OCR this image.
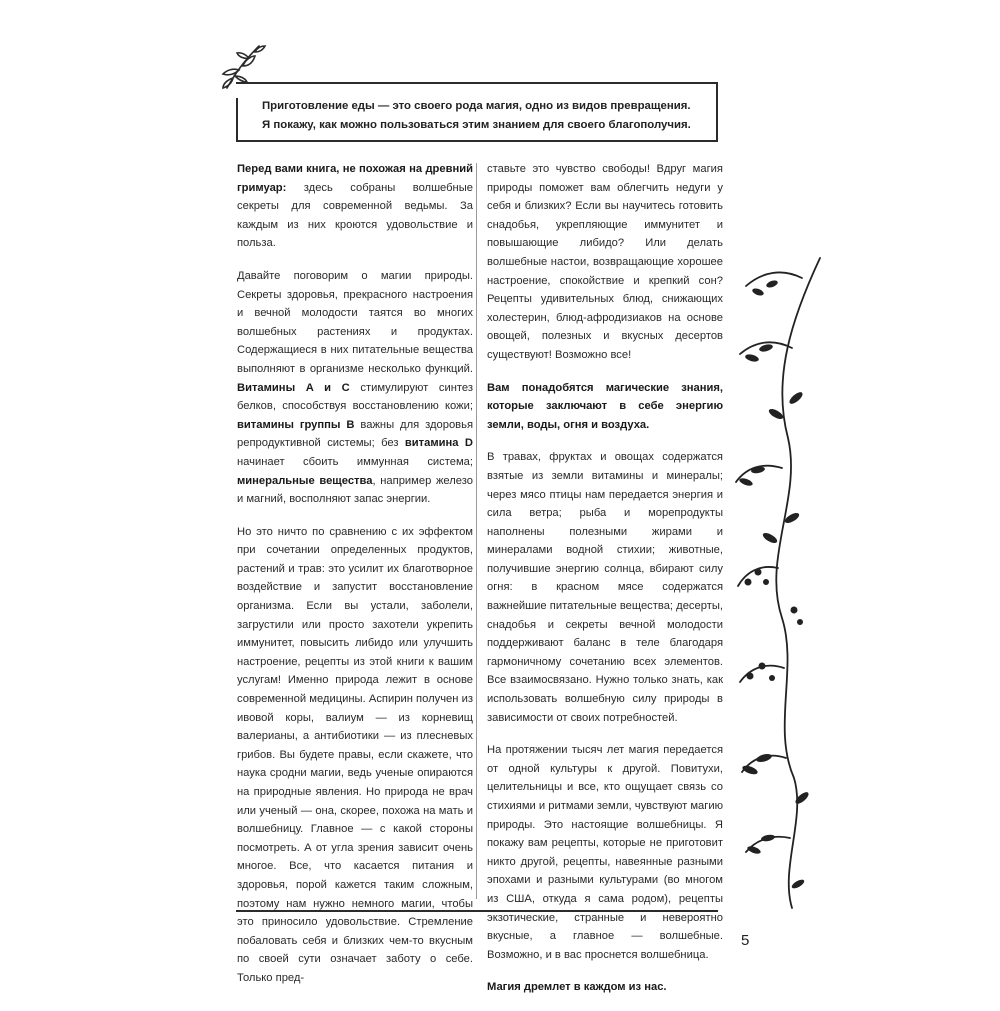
Приготовление еды — это своего рода магия, одно из видов превращения.
Я покажу, как можно пользоваться этим знанием для своего благополучия.

Перед вами книга, не похожая на древний гримуар: здесь собраны волшебные секреты для современной ведьмы. За каждым из них кроются удовольствие и польза.

Давайте поговорим о магии природы. Секреты здоровья, прекрасного настроения и вечной молодости таятся во многих волшебных растениях и продуктах. Содержащиеся в них питательные вещества выполняют в организме несколько функций. Витамины A и C стимулируют синтез белков, способствуя восстановлению кожи; витамины группы B важны для здоровья репродуктивной системы; без витамина D начинает сбоить иммунная система; минеральные вещества, например железо и магний, восполняют запас энергии.

Но это ничто по сравнению с их эффектом при сочетании определенных продуктов, растений и трав: это усилит их благотворное воздействие и запустит восстановление организма. Если вы устали, заболели, загрустили или просто захотели укрепить иммунитет, повысить либидо или улучшить настроение, рецепты из этой книги к вашим услугам! Именно природа лежит в основе современной медицины. Аспирин получен из ивовой коры, валиум — из корневищ валерианы, а антибиотики — из плесневых грибов. Вы будете правы, если скажете, что наука сродни магии, ведь ученые опираются на природные явления. Но природа не врач или ученый — она, скорее, похожа на мать и волшебницу. Главное — с какой стороны посмотреть. А от угла зрения зависит очень многое. Все, что касается питания и здоровья, порой кажется таким сложным, поэтому нам нужно немного магии, чтобы это приносило удовольствие. Стремление побаловать себя и близких чем-то вкусным по своей сути означает заботу о себе. Только пред-

ставьте это чувство свободы! Вдруг магия природы поможет вам облегчить недуги у себя и близких? Если вы научитесь готовить снадобья, укрепляющие иммунитет и повышающие либидо? Или делать волшебные настои, возвращающие хорошее настроение, спокойствие и крепкий сон? Рецепты удивительных блюд, снижающих холестерин, блюд-афродизиаков на основе овощей, полезных и вкусных десертов существуют! Возможно все!

Вам понадобятся магические знания, которые заключают в себе энергию земли, воды, огня и воздуха.

В травах, фруктах и овощах содержатся взятые из земли витамины и минералы; через мясо птицы нам передается энергия и сила ветра; рыба и морепродукты наполнены полезными жирами и минералами водной стихии; животные, получившие энергию солнца, вбирают силу огня: в красном мясе содержатся важнейшие питательные вещества; десерты, снадобья и секреты вечной молодости поддерживают баланс в теле благодаря гармоничному сочетанию всех элементов. Все взаимосвязано. Нужно только знать, как использовать волшебную силу природы в зависимости от своих потребностей.

На протяжении тысяч лет магия передается от одной культуры к другой. Повитухи, целительницы и все, кто ощущает связь со стихиями и ритмами земли, чувствуют магию природы. Это настоящие волшебницы. Я покажу вам рецепты, которые не приготовит никто другой, рецепты, навеянные разными эпохами и разными культурами (во многом из США, откуда я сама родом), рецепты экзотические, странные и невероятно вкусные, а главное — волшебные. Возможно, и в вас проснется волшебница.

Магия дремлет в каждом из нас.

5
